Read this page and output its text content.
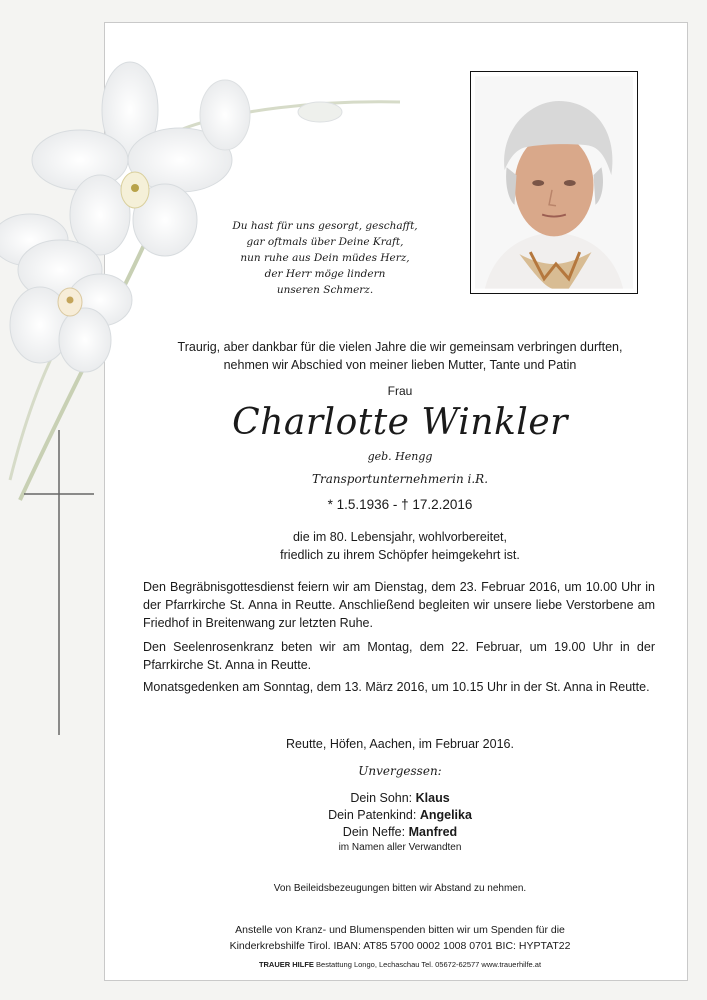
Du hast für uns gesorgt, geschafft,
gar oftmals über Deine Kraft,
nun ruhe aus Dein müdes Herz,
der Herr möge lindern
unseren Schmerz.
Traurig, aber dankbar für die vielen Jahre die wir gemeinsam verbringen durften,
nehmen wir Abschied von meiner lieben Mutter, Tante und Patin
Frau
Charlotte Winkler
geb. Hengg
Transportunternehmerin i.R.
* 1.5.1936 - † 17.2.2016
die im 80. Lebensjahr, wohlvorbereitet,
friedlich zu ihrem Schöpfer heimgekehrt ist.
Den Begräbnisgottesdienst feiern wir am Dienstag, dem 23. Februar 2016, um 10.00 Uhr in der Pfarrkirche St. Anna in Reutte. Anschließend begleiten wir unsere liebe Verstorbene am Friedhof in Breitenwang zur letzten Ruhe.
Den Seelenrosenkranz beten wir am Montag, dem 22. Februar, um 19.00 Uhr in der Pfarrkirche St. Anna in Reutte.
Monatsgedenken am Sonntag, dem 13. März 2016, um 10.15 Uhr in der St. Anna in Reutte.
Reutte, Höfen, Aachen, im Februar 2016.
Unvergessen:
Dein Sohn: Klaus
Dein Patenkind: Angelika
Dein Neffe: Manfred
im Namen aller Verwandten
Von Beileidsbezeugungen bitten wir Abstand zu nehmen.
Anstelle von Kranz- und Blumenspenden bitten wir um Spenden für die
Kinderkrebshilfe Tirol. IBAN: AT85 5700 0002 1008 0701 BIC: HYPTAT22
TRAUER HILFE Bestattung Longo, Lechaschau Tel. 05672-62577 www.trauerhilfe.at
